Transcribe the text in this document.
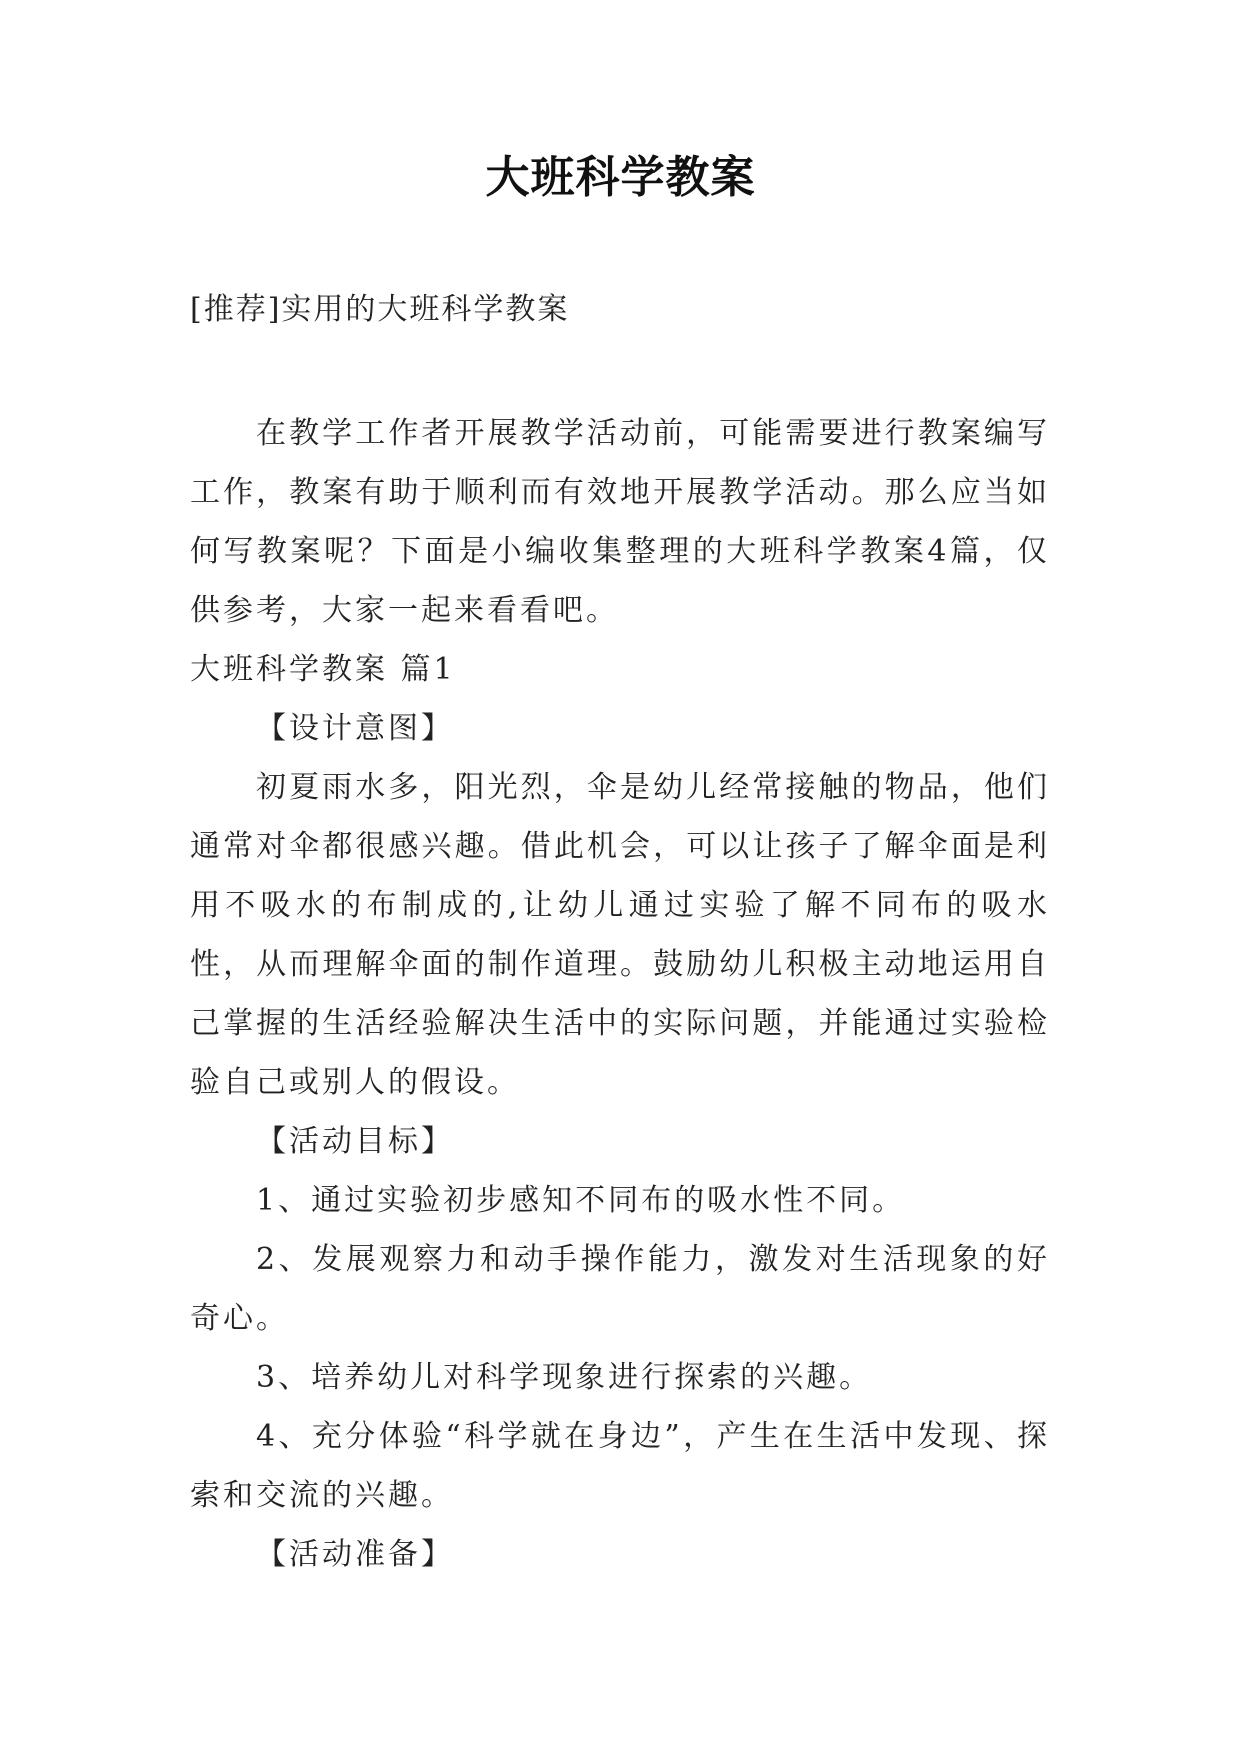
大班科学教案
[推荐]实用的大班科学教案

在教学工作者开展教学活动前，可能需要进行教案编写工作，教案有助于顺利而有效地开展教学活动。那么应当如何写教案呢？下面是小编收集整理的大班科学教案4篇，仅供参考，大家一起来看看吧。

大班科学教案 篇1

【设计意图】

初夏雨水多，阳光烈，伞是幼儿经常接触的物品，他们通常对伞都很感兴趣。借此机会，可以让孩子了解伞面是利用不吸水的布制成的,让幼儿通过实验了解不同布的吸水性，从而理解伞面的制作道理。鼓励幼儿积极主动地运用自己掌握的生活经验解决生活中的实际问题，并能通过实验检验自己或别人的假设。

【活动目标】

1、通过实验初步感知不同布的吸水性不同。

2、发展观察力和动手操作能力，激发对生活现象的好奇心。

3、培养幼儿对科学现象进行探索的兴趣。

4、充分体验“科学就在身边”，产生在生活中发现、探索和交流的兴趣。

【活动准备】
